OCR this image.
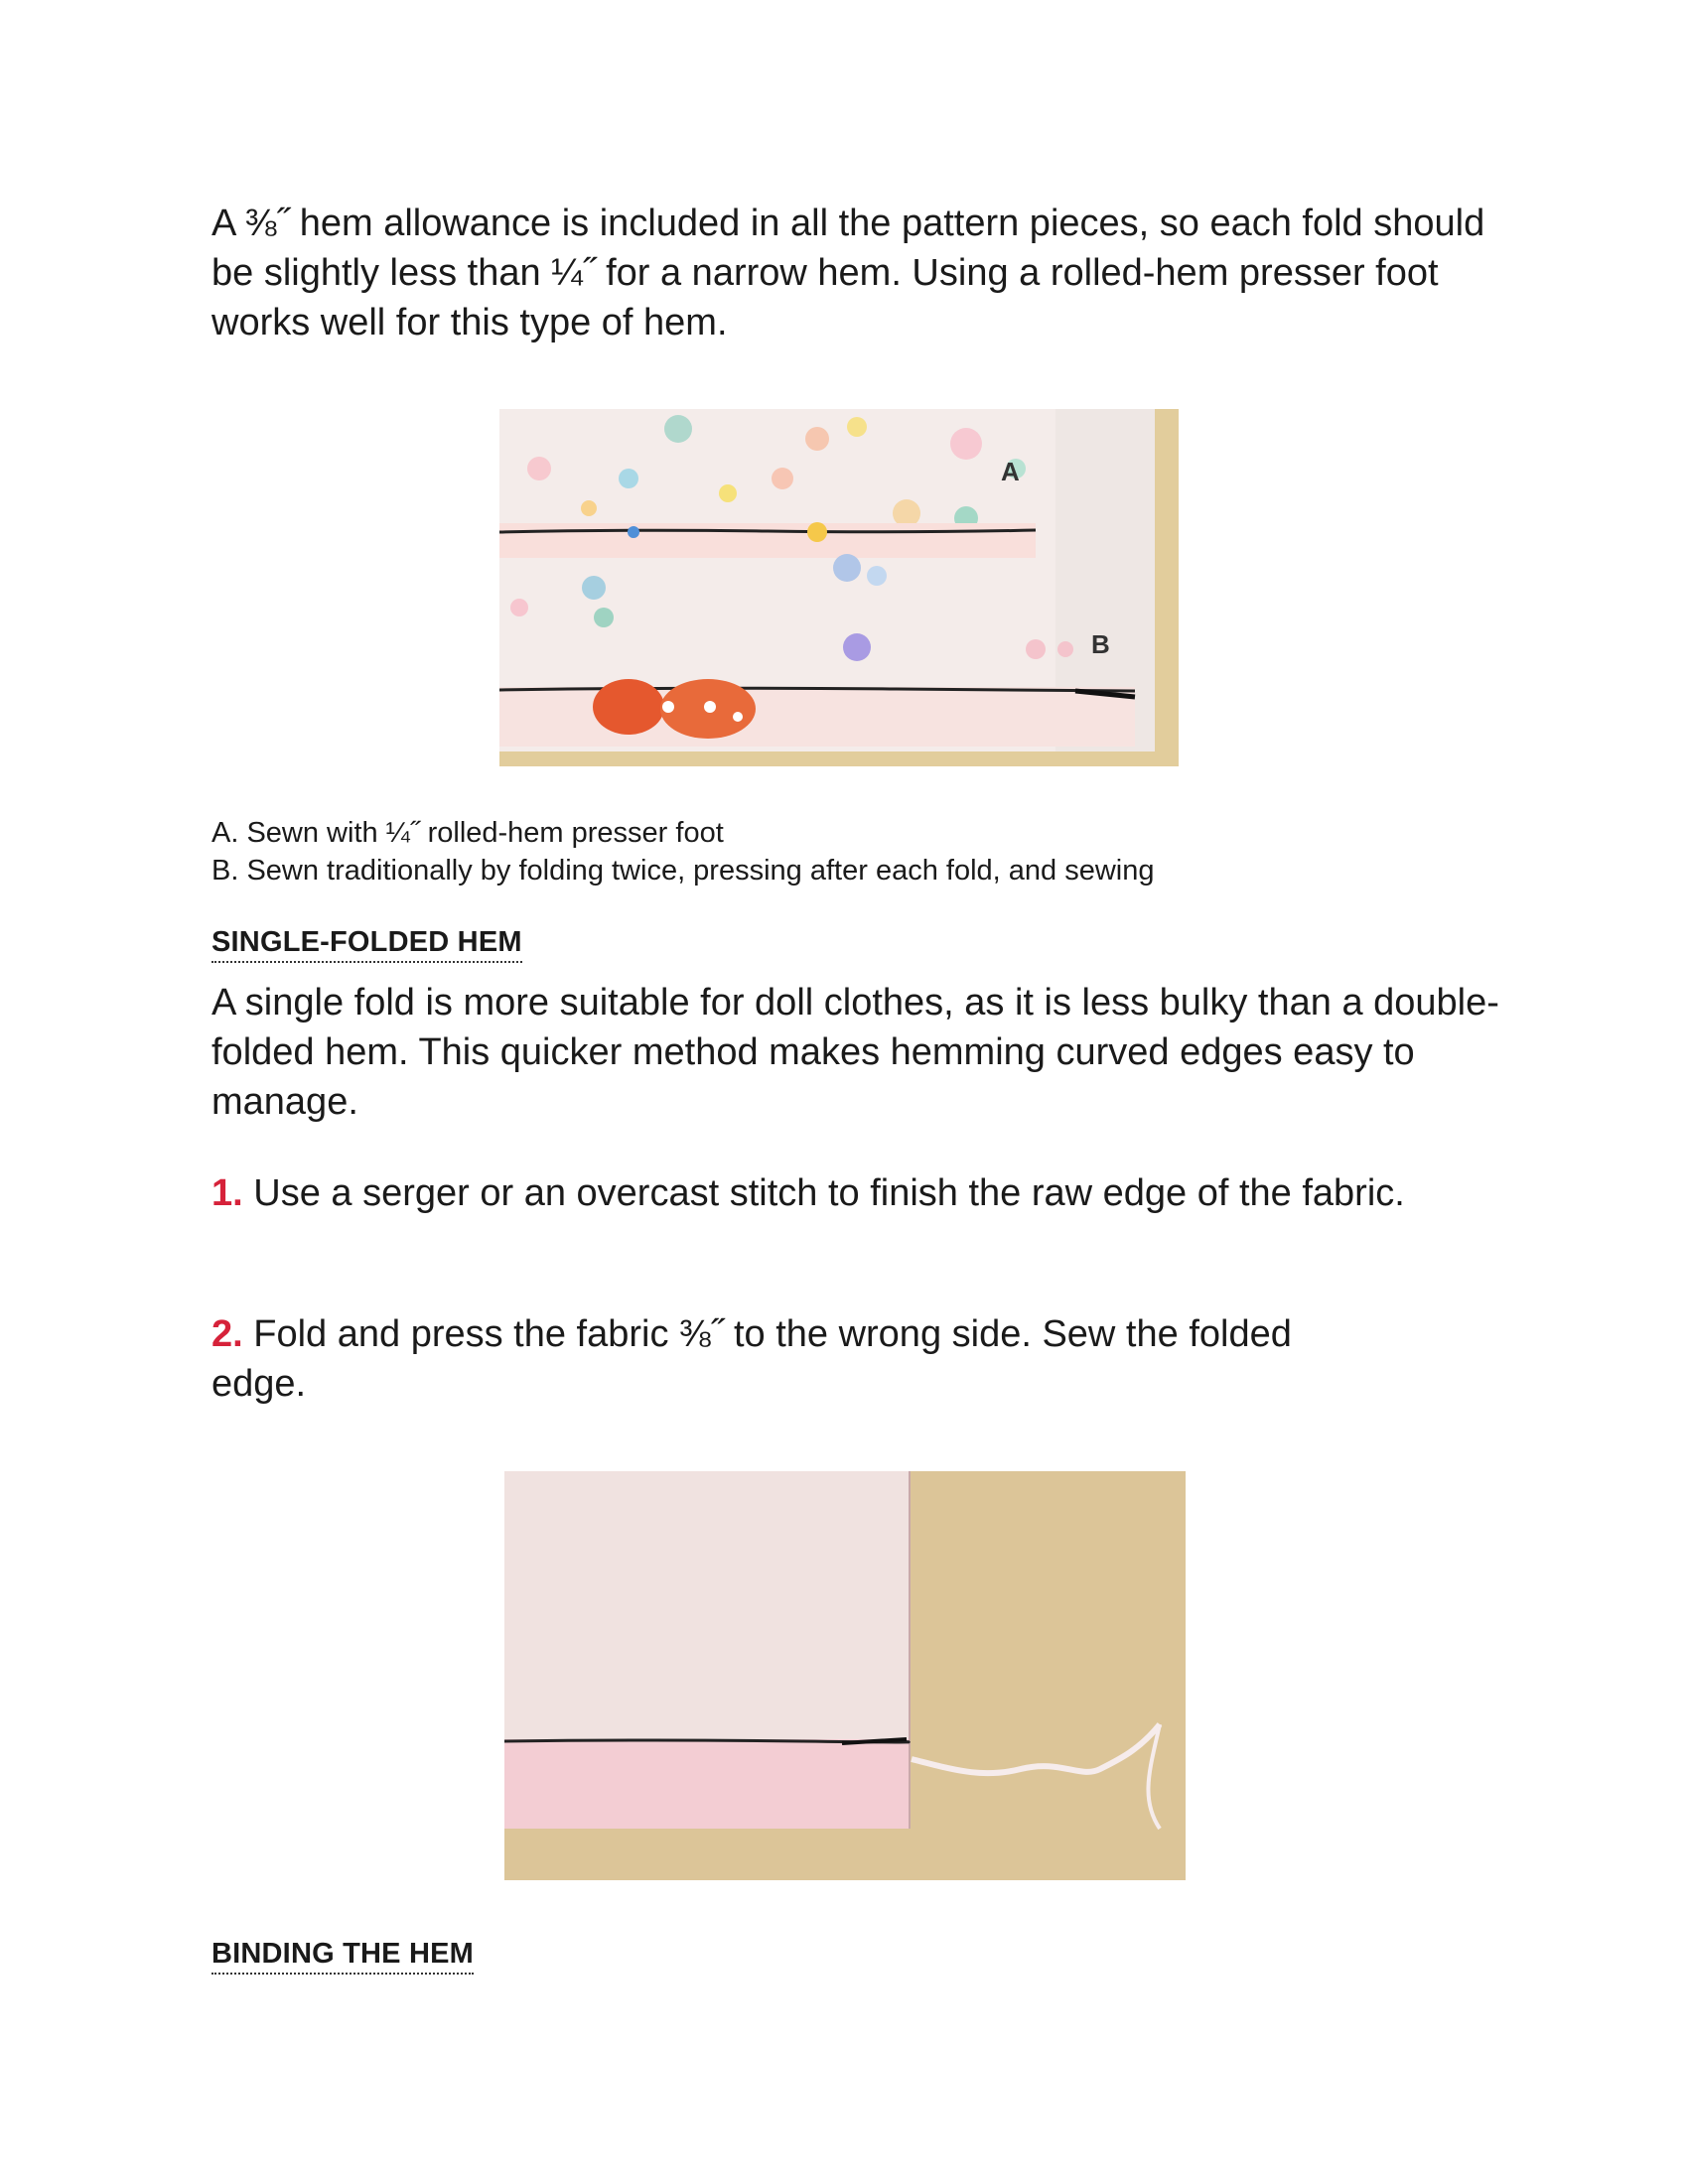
A ⅜˝ hem allowance is included in all the pattern pieces, so each fold should be slightly less than ¼˝ for a narrow hem. Using a rolled-hem presser foot works well for this type of hem.

A
B

A. Sewn with ¼˝ rolled-hem presser foot

B. Sewn traditionally by folding twice, pressing after each fold, and sewing

SINGLE-FOLDED HEM

A single fold is more suitable for doll clothes, as it is less bulky than a double-folded hem. This quicker method makes hemming curved edges easy to manage.

1. Use a serger or an overcast stitch to finish the raw edge of the fabric.

2. Fold and press the fabric ⅜˝ to the wrong side. Sew the folded edge.

BINDING THE HEM
